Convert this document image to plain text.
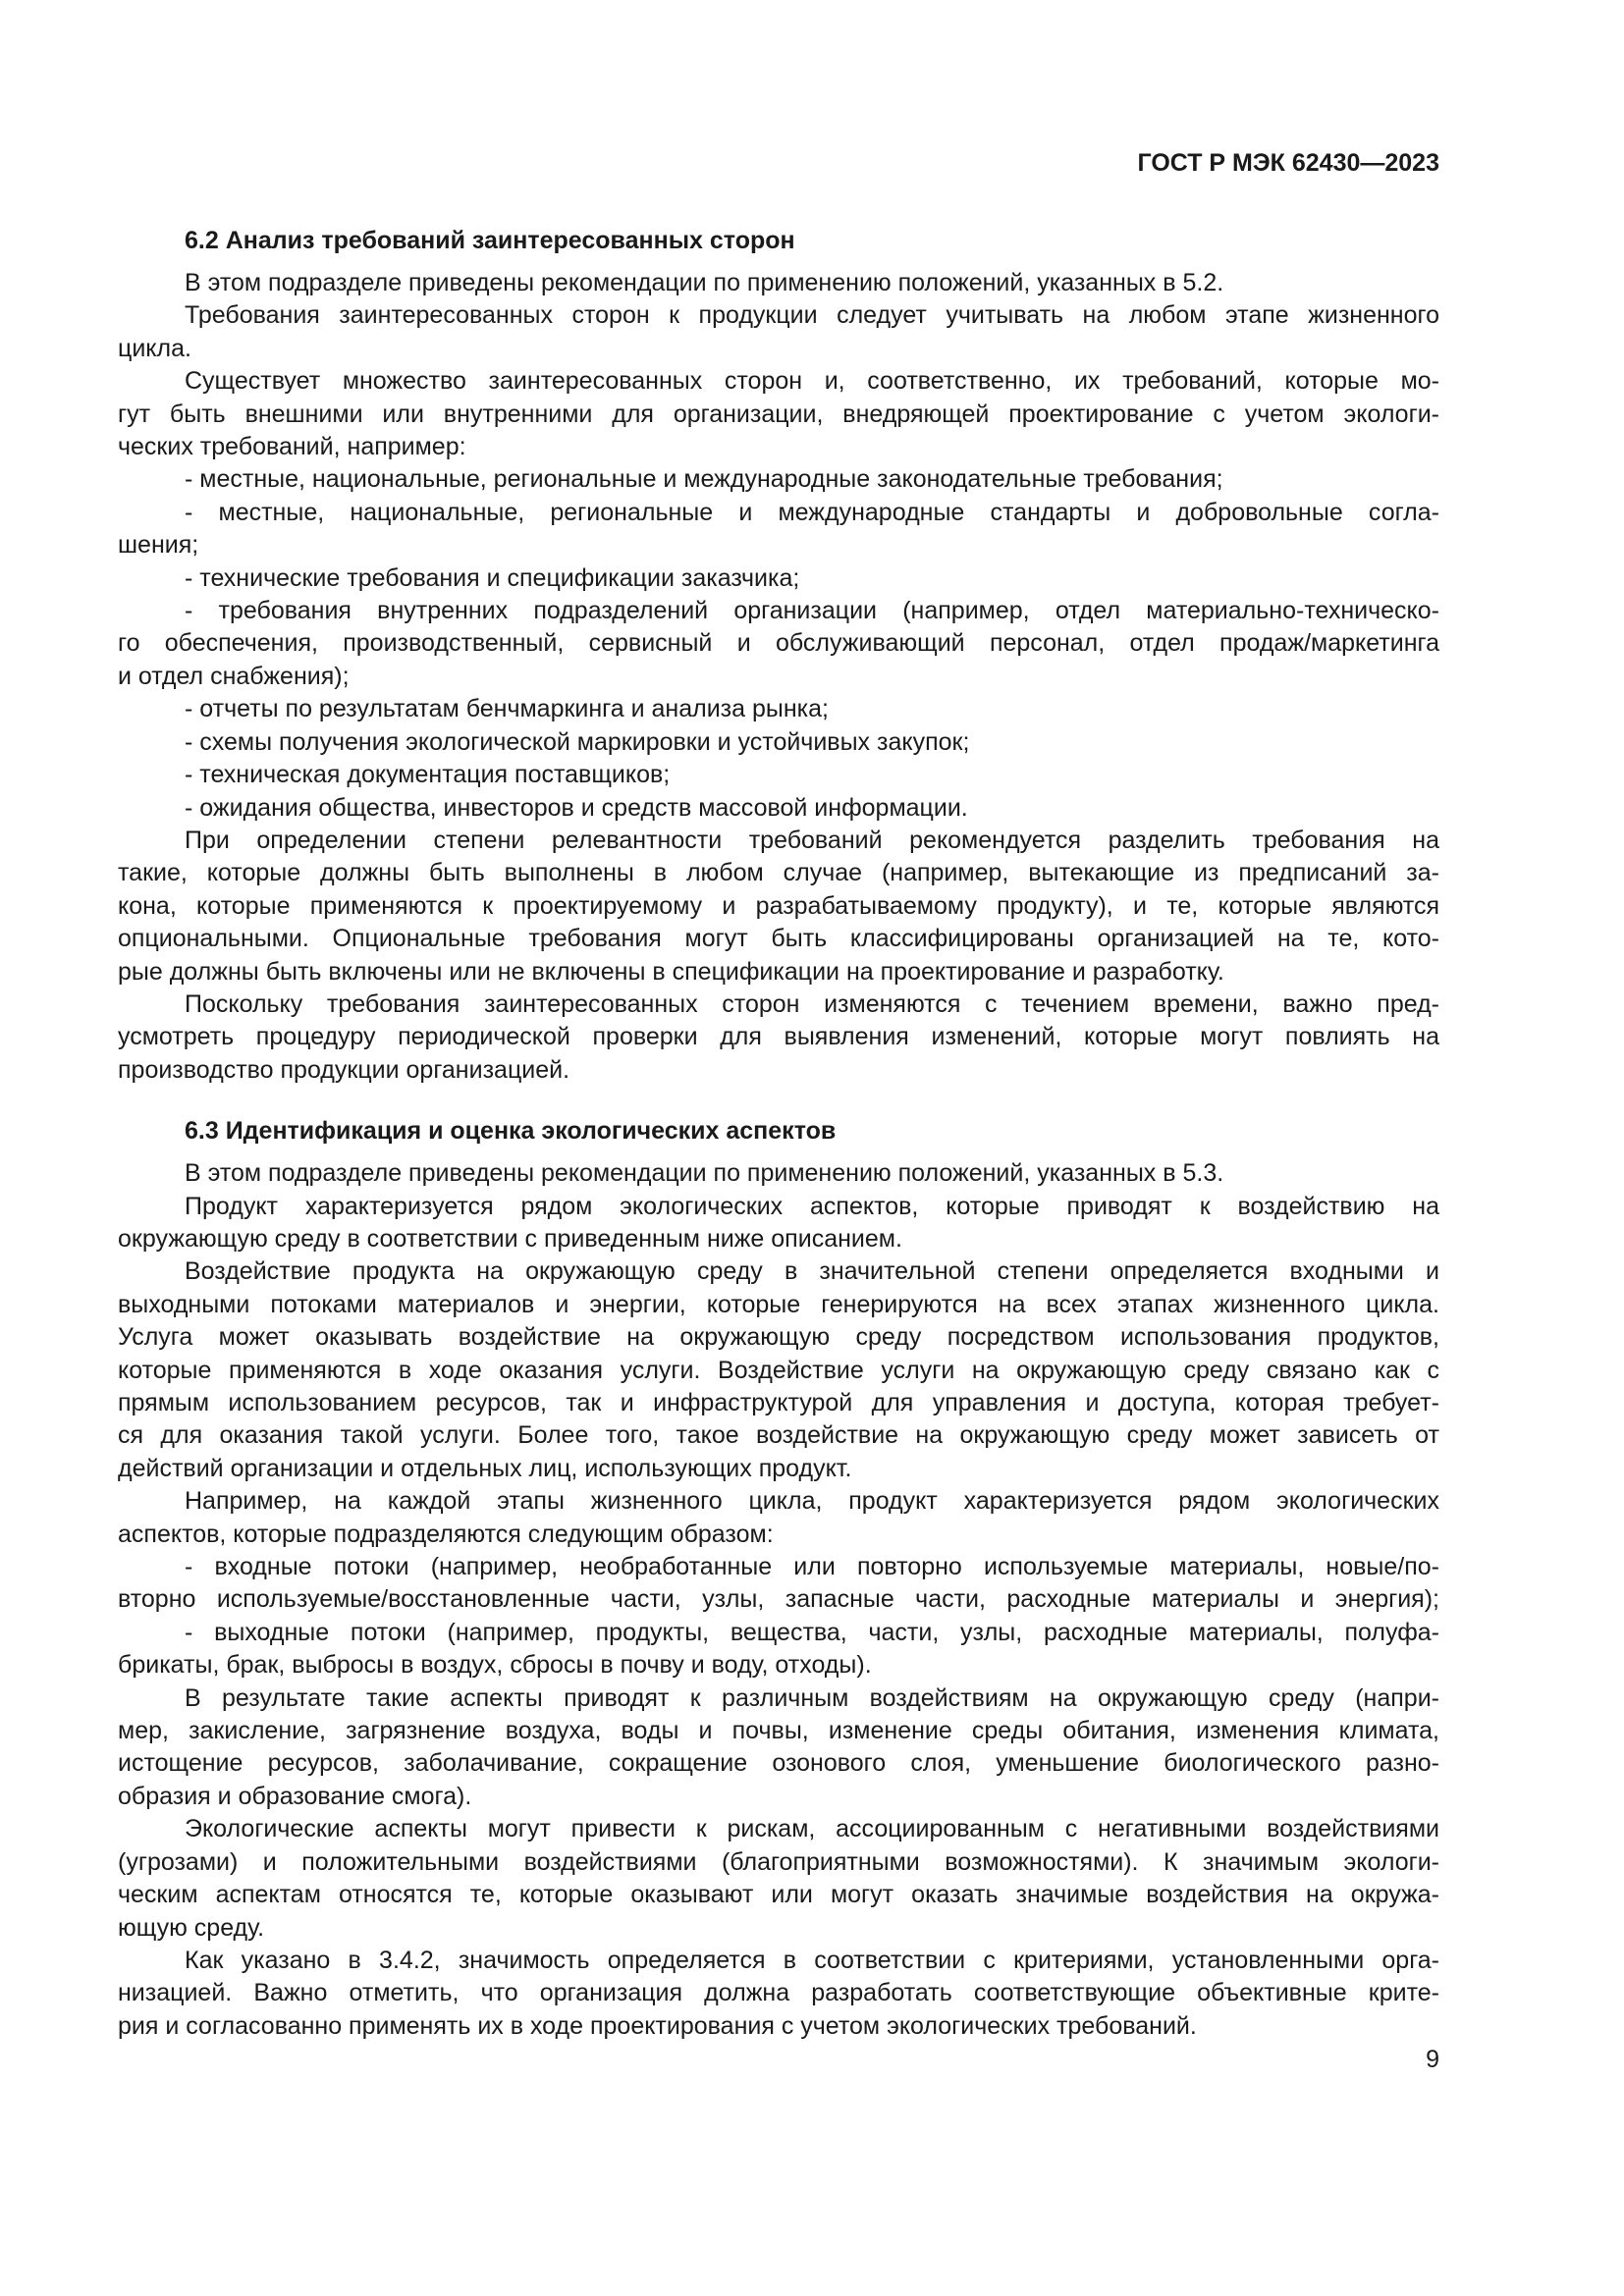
ГОСТ Р МЭК 62430—2023
6.2 Анализ требований заинтересованных сторон
В этом подразделе приведены рекомендации по применению положений, указанных в 5.2.
Требования заинтересованных сторон к продукции следует учитывать на любом этапе жизненного
цикла.
Существует множество заинтересованных сторон и, соответственно, их требований, которые мо-
гут быть внешними или внутренними для организации, внедряющей проектирование с учетом экологи-
ческих требований, например:
- местные, национальные, региональные и международные законодательные требования;
- местные, национальные, региональные и международные стандарты и добровольные согла-
шения;
- технические требования и спецификации заказчика;
- требования внутренних подразделений организации (например, отдел материально-техническо-
го обеспечения, производственный, сервисный и обслуживающий персонал, отдел продаж/маркетинга
и отдел снабжения);
- отчеты по результатам бенчмаркинга и анализа рынка;
- схемы получения экологической маркировки и устойчивых закупок;
- техническая документация поставщиков;
- ожидания общества, инвесторов и средств массовой информации.
При определении степени релевантности требований рекомендуется разделить требования на
такие, которые должны быть выполнены в любом случае (например, вытекающие из предписаний за-
кона, которые применяются к проектируемому и разрабатываемому продукту), и те, которые являются
опциональными. Опциональные требования могут быть классифицированы организацией на те, кото-
рые должны быть включены или не включены в спецификации на проектирование и разработку.
Поскольку требования заинтересованных сторон изменяются с течением времени, важно пред-
усмотреть процедуру периодической проверки для выявления изменений, которые могут повлиять на
производство продукции организацией.
6.3 Идентификация и оценка экологических аспектов
В этом подразделе приведены рекомендации по применению положений, указанных в 5.3.
Продукт характеризуется рядом экологических аспектов, которые приводят к воздействию на
окружающую среду в соответствии с приведенным ниже описанием.
Воздействие продукта на окружающую среду в значительной степени определяется входными и
выходными потоками материалов и энергии, которые генерируются на всех этапах жизненного цикла.
Услуга может оказывать воздействие на окружающую среду посредством использования продуктов,
которые применяются в ходе оказания услуги. Воздействие услуги на окружающую среду связано как с
прямым использованием ресурсов, так и инфраструктурой для управления и доступа, которая требует-
ся для оказания такой услуги. Более того, такое воздействие на окружающую среду может зависеть от
действий организации и отдельных лиц, использующих продукт.
Например, на каждой этапы жизненного цикла, продукт характеризуется рядом экологических
аспектов, которые подразделяются следующим образом:
- входные потоки (например, необработанные или повторно используемые материалы, новые/по-
вторно используемые/восстановленные части, узлы, запасные части, расходные материалы и энергия);
- выходные потоки (например, продукты, вещества, части, узлы, расходные материалы, полуфа-
брикаты, брак, выбросы в воздух, сбросы в почву и воду, отходы).
В результате такие аспекты приводят к различным воздействиям на окружающую среду (напри-
мер, закисление, загрязнение воздуха, воды и почвы, изменение среды обитания, изменения климата,
истощение ресурсов, заболачивание, сокращение озонового слоя, уменьшение биологического разно-
образия и образование смога).
Экологические аспекты могут привести к рискам, ассоциированным с негативными воздействиями
(угрозами) и положительными воздействиями (благоприятными возможностями). К значимым экологи-
ческим аспектам относятся те, которые оказывают или могут оказать значимые воздействия на окружа-
ющую среду.
Как указано в 3.4.2, значимость определяется в соответствии с критериями, установленными орга-
низацией. Важно отметить, что организация должна разработать соответствующие объективные крите-
рия и согласованно применять их в ходе проектирования с учетом экологических требований.
9
